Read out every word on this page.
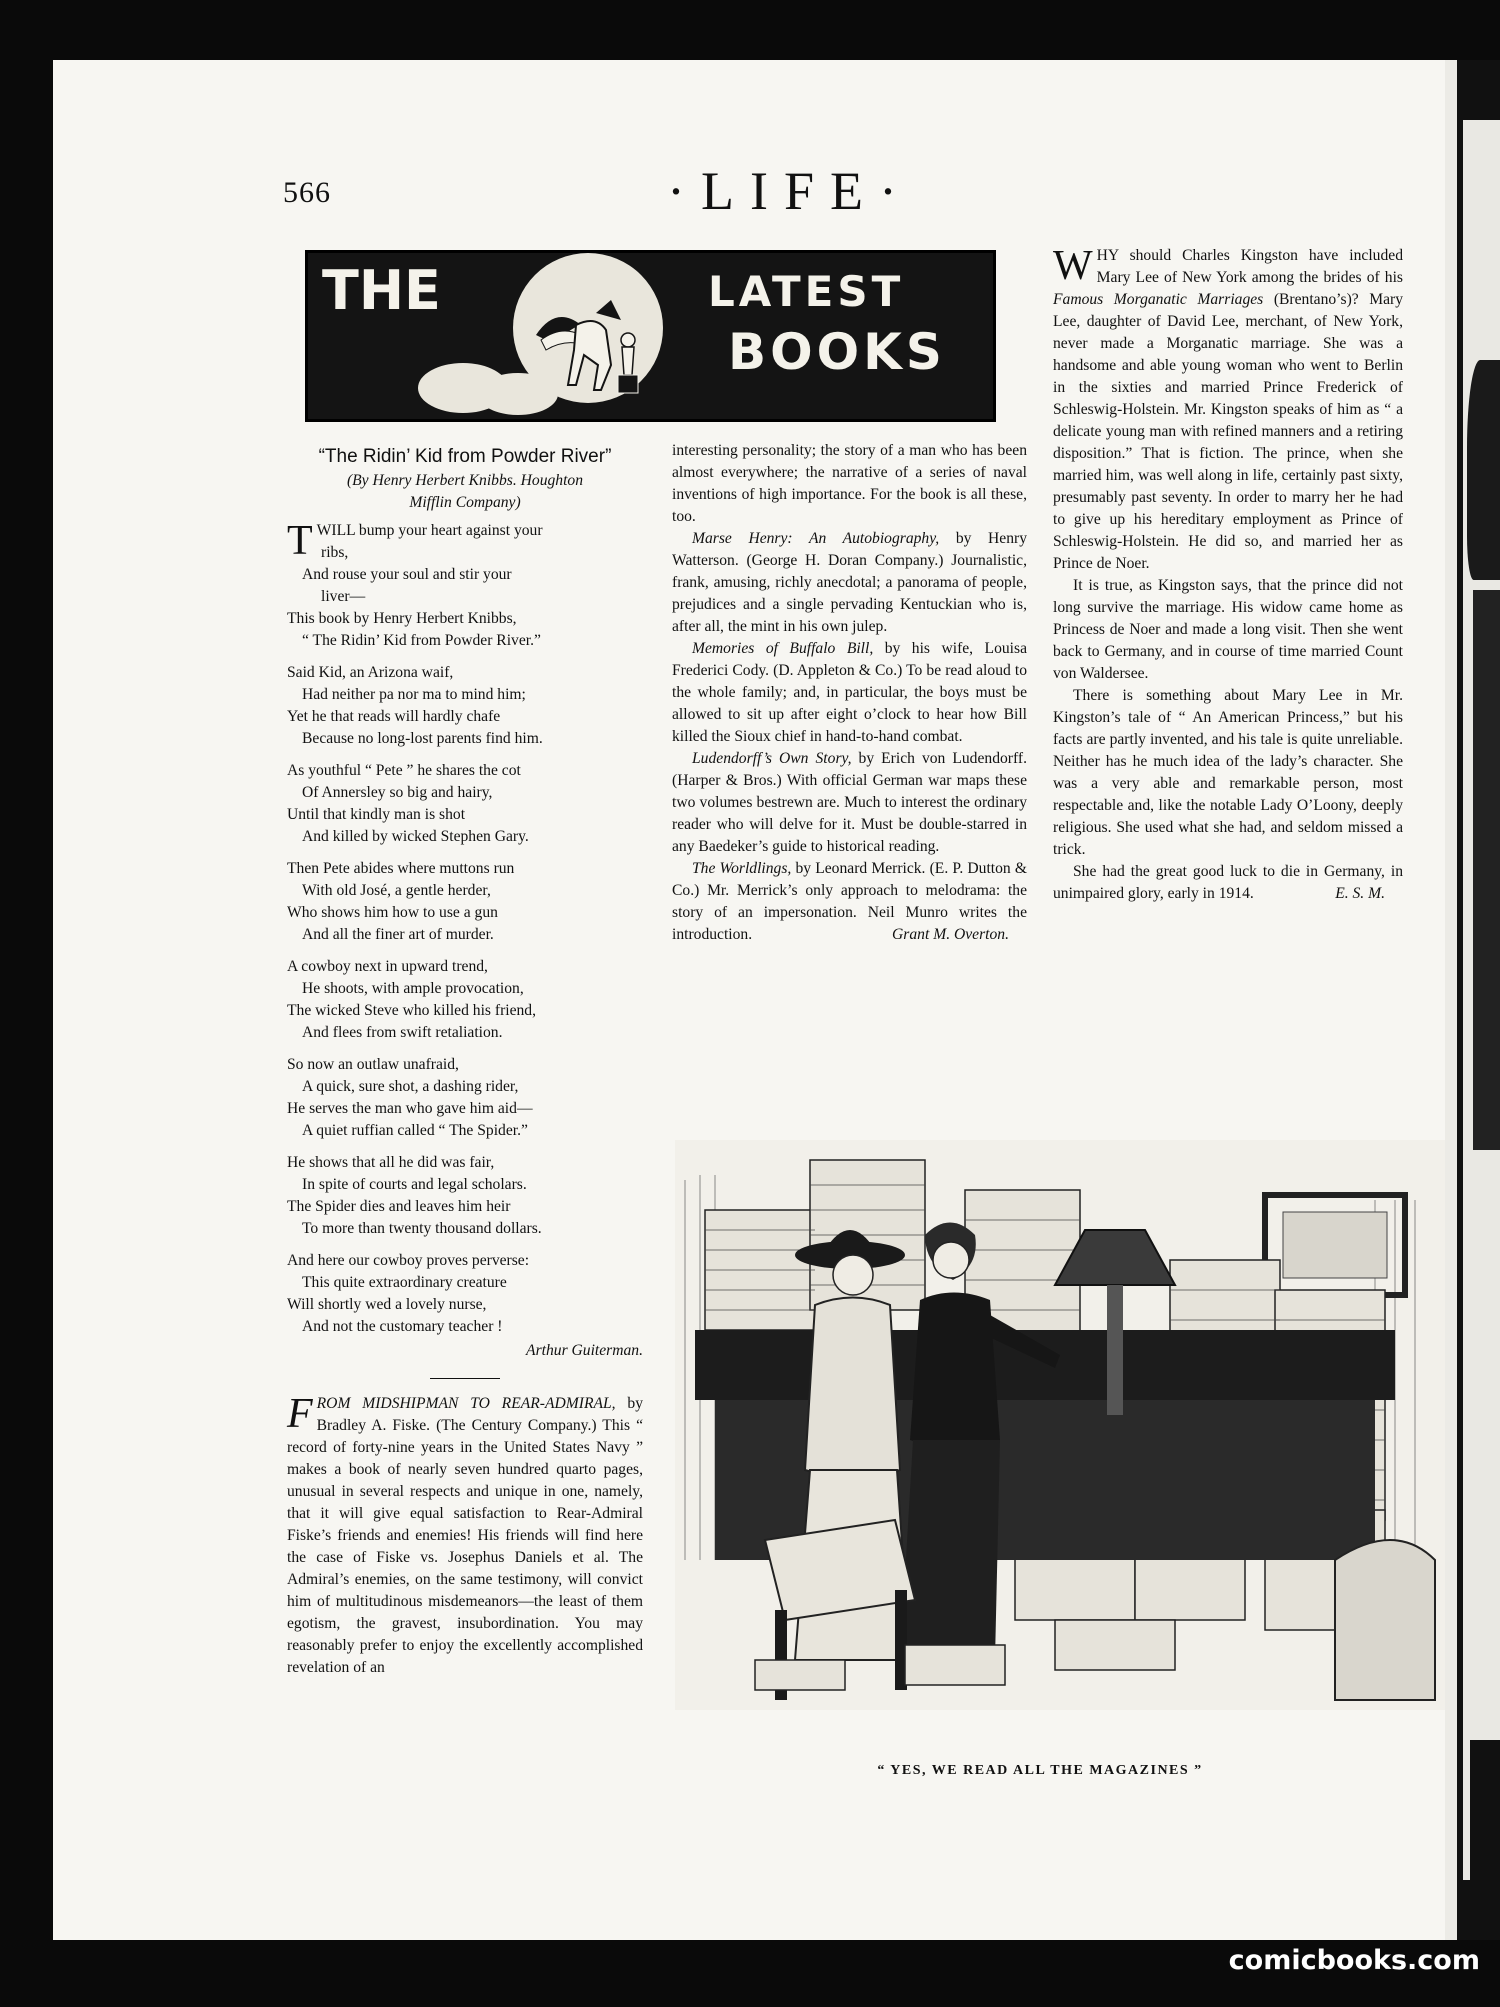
566	·LIFE·
THE	LATEST
BOOKS
“The Ridin’ Kid from Powder River”
(By Henry Herbert Knibbs. Houghton
Mifflin Company)
T WILL bump your heart against your
ribs,
And rouse your soul and stir your
liver—
This book by Henry Herbert Knibbs,
“ The Ridin’ Kid from Powder River.”
Said Kid, an Arizona waif,
Had neither pa nor ma to mind him;
Yet he that reads will hardly chafe
Because no long-lost parents find him.
As youthful “ Pete ” he shares the cot
Of Annersley so big and hairy,
Until that kindly man is shot
And killed by wicked Stephen Gary.
Then Pete abides where muttons run
With old José, a gentle herder,
Who shows him how to use a gun
And all the finer art of murder.
A cowboy next in upward trend,
He shoots, with ample provocation,
The wicked Steve who killed his friend,
And flees from swift retaliation.
So now an outlaw unafraid,
A quick, sure shot, a dashing rider,
He serves the man who gave him aid—
A quiet ruffian called “ The Spider.”
He shows that all he did was fair,
In spite of courts and legal scholars.
The Spider dies and leaves him heir
To more than twenty thousand dollars.
And here our cowboy proves perverse:
This quite extraordinary creature
Will shortly wed a lovely nurse,
And not the customary teacher !
Arthur Guiterman.

F ROM MIDSHIPMAN TO REAR-ADMIRAL, by Bradley A. Fiske. (The Century Company.) This “ record of forty-nine years in the United States Navy ” makes a book of nearly seven hundred quarto pages, unusual in several respects and unique in one, namely, that it will give equal satisfaction to Rear-Admiral Fiske’s friends and enemies! His friends will find here the case of Fiske vs. Josephus Daniels et al. The Admiral’s enemies, on the same testimony, will convict him of multitudinous misdemeanors—the least of them egotism, the gravest, insubordination. You may reasonably prefer to enjoy the excellently accomplished revelation of an

interesting personality; the story of a man who has been almost everywhere; the narrative of a series of naval inventions of high importance. For the book is all these, too.

Marse Henry: An Autobiography, by Henry Watterson. (George H. Doran Company.) Journalistic, frank, amusing, richly anecdotal; a panorama of people, prejudices and a single pervading Kentuckian who is, after all, the mint in his own julep.

Memories of Buffalo Bill, by his wife, Louisa Frederici Cody. (D. Appleton & Co.) To be read aloud to the whole family; and, in particular, the boys must be allowed to sit up after eight o’clock to hear how Bill killed the Sioux chief in hand-to-hand combat.

Ludendorff’s Own Story, by Erich von Ludendorff. (Harper & Bros.) With official German war maps these two volumes bestrewn are. Much to interest the ordinary reader who will delve for it. Must be double-starred in any Baedeker’s guide to historical reading.

The Worldlings, by Leonard Merrick. (E. P. Dutton & Co.) Mr. Merrick’s only approach to melodrama: the story of an impersonation. Neil Munro writes the introduction.	Grant M. Overton.

W HY should Charles Kingston have included Mary Lee of New York among the brides of his Famous Morganatic Marriages (Brentano’s)? Mary Lee, daughter of David Lee, merchant, of New York, never made a Morganatic marriage. She was a handsome and able young woman who went to Berlin in the sixties and married Prince Frederick of Schleswig-Holstein. Mr. Kingston speaks of him as “ a delicate young man with refined manners and a retiring disposition.” That is fiction. The prince, when she married him, was well along in life, certainly past sixty, presumably past seventy. In order to marry her he had to give up his hereditary employment as Prince of Schleswig-Holstein. He did so, and married her as Prince de Noer.

It is true, as Kingston says, that the prince did not long survive the marriage. His widow came home as Princess de Noer and made a long visit. Then she went back to Germany, and in course of time married Count von Waldersee.

There is something about Mary Lee in Mr. Kingston’s tale of “ An American Princess,” but his facts are partly invented, and his tale is quite unreliable. Neither has he much idea of the lady’s character. She was a very able and remarkable person, most respectable and, like the notable Lady O’Loony, deeply religious. She used what she had, and seldom missed a trick.

She had the great good luck to die in Germany, in unimpaired glory, early in 1914.	E. S. M.
“ YES, WE READ ALL THE MAGAZINES ”
comicbooks.com
